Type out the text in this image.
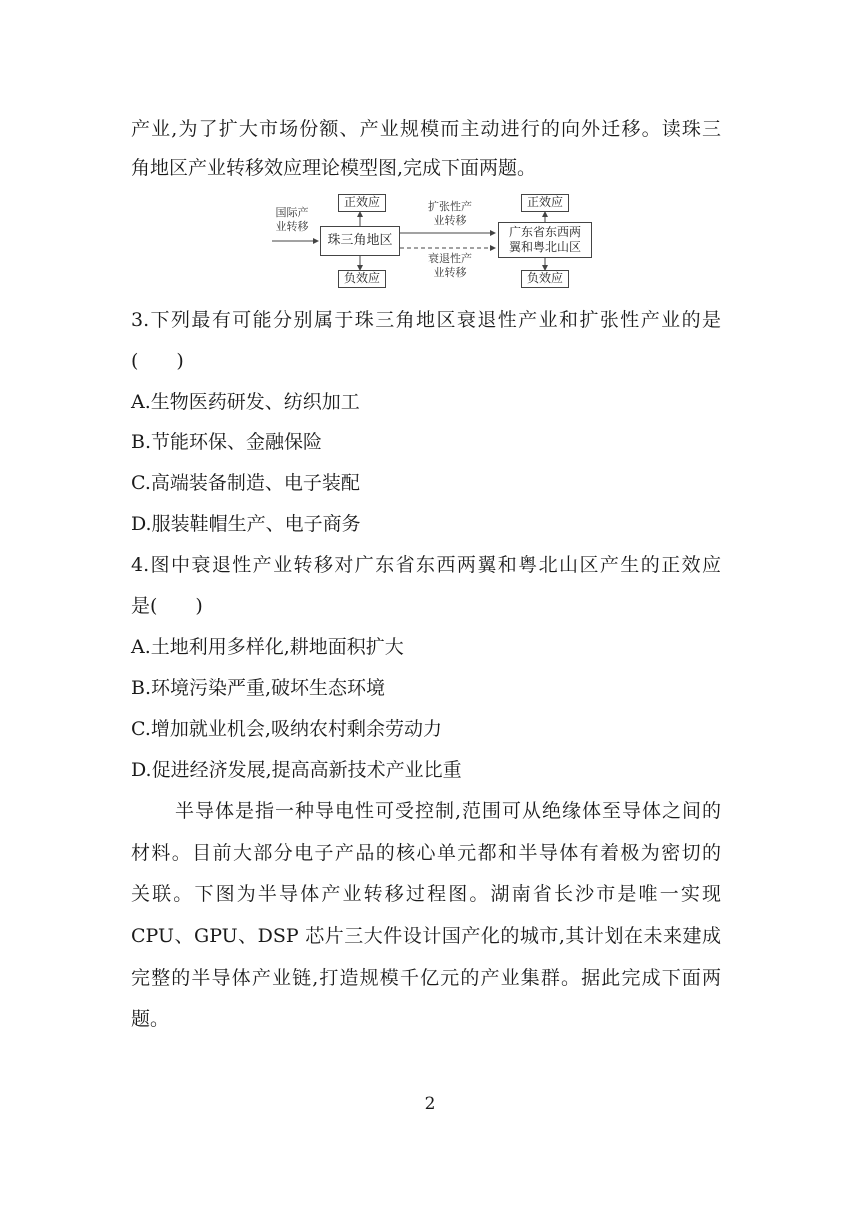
产业,为了扩大市场份额、产业规模而主动进行的向外迁移。读珠三
角地区产业转移效应理论模型图,完成下面两题。
国际产
业转移
正效应
珠三角地区
负效应
扩张性产
业转移
衰退性产
业转移
正效应
广东省东西两
翼和粤北山区
负效应
3.下列最有可能分别属于珠三角地区衰退性产业和扩张性产业的是
(　　)
A.生物医药研发、纺织加工
B.节能环保、金融保险
C.高端装备制造、电子装配
D.服装鞋帽生产、电子商务
4.图中衰退性产业转移对广东省东西两翼和粤北山区产生的正效应
是(　　)
A.土地利用多样化,耕地面积扩大
B.环境污染严重,破坏生态环境
C.增加就业机会,吸纳农村剩余劳动力
D.促进经济发展,提高高新技术产业比重
半导体是指一种导电性可受控制,范围可从绝缘体至导体之间的
材料。目前大部分电子产品的核心单元都和半导体有着极为密切的
关联。下图为半导体产业转移过程图。湖南省长沙市是唯一实现
CPU、GPU、DSP 芯片三大件设计国产化的城市,其计划在未来建成
完整的半导体产业链,打造规模千亿元的产业集群。据此完成下面两
题。
2
